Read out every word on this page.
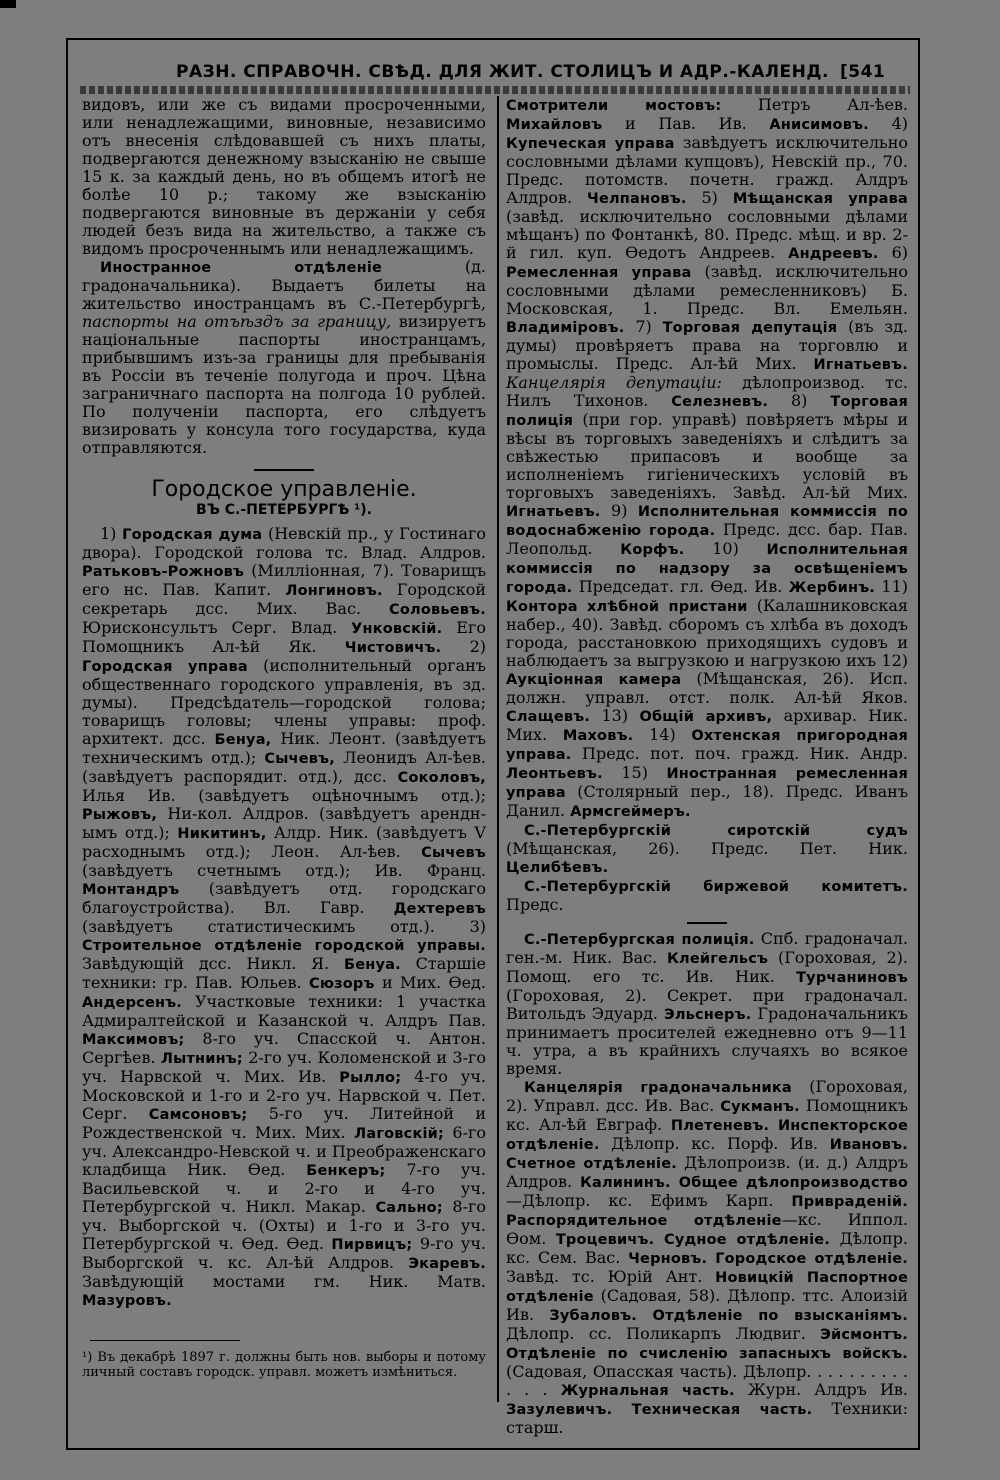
РАЗН. СПРАВОЧН. СВѢД. ДЛЯ ЖИТ. СТОЛИЦЪ И АДР.-КАЛЕНД. [541

видовъ, или же съ видами просроченными, или ненадлежащими, виновные, независимо отъ внесенія слѣдовавшей съ нихъ платы, подвергаются денежному взысканію не свыше 15 к. за каждый день, но въ общемъ итогѣ не болѣе 10 р.; такому же взысканію подвергаются виновные въ держаніи у себя людей безъ вида на жительство, а также съ видомъ просроченнымъ или ненадлежащимъ.

Иностранное отдѣленіе (д. градоначальника). Выдаетъ билеты на жительство иностранцамъ въ С.-Петербургѣ, паспорты на отъѣздъ за границу, визируетъ національные паспорты иностранцамъ, прибывшимъ изъ-за границы для пребыванія въ Россіи въ теченіе полугода и проч. Цѣна заграничнаго паспорта на полгода 10 рублей. По полученіи паспорта, его слѣдуетъ визировать у консула того государства, куда отправляются.

Городское управленіе.
ВЪ С.-ПЕТЕРБУРГѢ ¹).

1) Городская дума (Невскій пр., у Гостинаго двора). Городской голова тс. Влад. Алдров. Ратьковъ-Рожновъ (Милліонная, 7). Товарищъ его нс. Пав. Капит. Лонгиновъ. Городской секретарь дсс. Мих. Вас. Соловьевъ. Юрисконсультъ Серг. Влад. Унковскій. Его Помощникъ Ал-ѣй Як. Чистовичъ. 2) Городская управа (исполнительный органъ общественнаго городского управленія, въ зд. думы). Предсѣдатель—городской голова; товарищъ головы; члены управы: проф. архитект. дсс. Бенуа, Ник. Леонт. (завѣдуетъ техническимъ отд.); Сычевъ, Леонидъ Ал-ѣев. (завѣдуетъ распорядит. отд.), дсс. Соколовъ, Илья Ив. (завѣдуетъ оцѣночнымъ отд.); Рыжовъ, Ни-кол. Алдров. (завѣдуетъ аренднымъ отд.); Никитинъ, Алдр. Ник. (завѣдуетъ V расходнымъ отд.); Леон. Ал-ѣев. Сычевъ (завѣдуетъ счетнымъ отд.); Ив. Франц. Монтандръ (завѣдуетъ отд. городскаго благоустройства). Вл. Гавр. Дехтеревъ (завѣдуетъ статистическимъ отд.). 3) Строительное отдѣленіе городской управы. Завѣдующій дсс. Никл. Я. Бенуа. Старшіе техники: гр. Пав. Юльев. Сюзоръ и Мих. Ѳед. Андерсенъ. Участковые техники: 1 участка Адмиралтейской и Казанской ч. Алдръ Пав. Максимовъ; 8-го уч. Спасской ч. Антон. Сергѣев. Лытнинъ; 2-го уч. Коломенской и 3-го уч. Нарвской ч. Мих. Ив. Рылло; 4-го уч. Московской и 1-го и 2-го уч. Нарвской ч. Пет. Серг. Самсоновъ; 5-го уч. Литейной и Рождественской ч. Мих. Мих. Лаговскій; 6-го уч. Александро-Невской ч. и Преображенскаго кладбища Ник. Ѳед. Бенкеръ; 7-го уч. Васильевской ч. и 2-го и 4-го уч. Петербургской ч. Никл. Макар. Сально; 8-го уч. Выборгской ч. (Охты) и 1-го и 3-го уч. Петербургской ч. Ѳед. Ѳед. Пирвицъ; 9-го уч. Выборгской ч. кс. Ал-ѣй Алдров. Экаревъ. Завѣдующій мостами гм. Ник. Матв. Мазуровъ.

¹) Въ декабрѣ 1897 г. должны быть нов. выборы и потому личный составъ городск. управл. можетъ измѣниться.

Смотрители мостовъ: Петръ Ал-ѣев. Михайловъ и Пав. Ив. Анисимовъ. 4) Купеческая управа завѣдуетъ исключительно сословными дѣлами купцовъ), Невскій пр., 70. Предс. потомств. почетн. гражд. Алдръ Алдров. Челпановъ. 5) Мѣщанская управа (завѣд. исключительно сословными дѣлами мѣщанъ) по Фонтанкѣ, 80. Предс. мѣщ. и вр. 2-й гил. куп. Ѳедотъ Андреев. Андреевъ. 6) Ремесленная управа (завѣд. исключительно сословными дѣлами ремесленниковъ) Б. Московская, 1. Предс. Вл. Емельян. Владиміровъ. 7) Торговая депутація (въ зд. думы) провѣряетъ права на торговлю и промыслы. Предс. Ал-ѣй Мих. Игнатьевъ. Канцелярія депутаціи: дѣлопроизвод. тс. Нилъ Тихонов. Селезневъ. 8) Торговая полиція (при гор. управѣ) повѣряетъ мѣры и вѣсы въ торговыхъ заведеніяхъ и слѣдитъ за свѣжестью припасовъ и вообще за исполненіемъ гигіеническихъ условій въ торговыхъ заведеніяхъ. Завѣд. Ал-ѣй Мих. Игнатьевъ. 9) Исполнительная коммиссія по водоснабженію города. Предс. дсс. бар. Пав. Леопольд. Корфъ. 10) Исполнительная коммиссія по надзору за освѣщеніемъ города. Председат. гл. Ѳед. Ив. Жербинъ. 11) Контора хлѣбной пристани (Калашниковская набер., 40). Завѣд. сборомъ съ хлѣба въ доходъ города, расстановкою приходящихъ судовъ и наблюдаетъ за выгрузкою и нагрузкою ихъ 12) Аукціонная камера (Мѣщанская, 26). Исп. должн. управл. отст. полк. Ал-ѣй Яков. Слащевъ. 13) Общій архивъ, архивар. Ник. Мих. Маховъ. 14) Охтенская пригородная управа. Предс. пот. поч. гражд. Ник. Андр. Леонтьевъ. 15) Иностранная ремесленная управа (Столярный пер., 18). Предс. Иванъ Данил. Армсгеймеръ.

С.-Петербургскій сиротскій судъ (Мѣщанская, 26). Предс. Пет. Ник. Целибѣевъ.

С.-Петербургскій биржевой комитетъ. Предс.

С.-Петербургская полиція. Спб. градоначал. ген.-м. Ник. Вас. Клейгельсъ (Гороховая, 2). Помощ. его тс. Ив. Ник. Турчаниновъ (Гороховая, 2). Секрет. при градоначал. Витольдъ Эдуард. Эльснеръ. Градоначальникъ принимаетъ просителей ежедневно отъ 9—11 ч. утра, а въ крайнихъ случаяхъ во всякое время.

Канцелярія градоначальника (Гороховая, 2). Управл. дсс. Ив. Вас. Сукманъ. Помощникъ кс. Ал-ѣй Евграф. Плетеневъ. Инспекторское отдѣленіе. Дѣлопр. кс. Порф. Ив. Ивановъ. Счетное отдѣленіе. Дѣлопроизв. (и. д.) Алдръ Алдров. Калининъ. Общее дѣлопроизводство—Дѣлопр. кс. Ефимъ Карп. Привраденій. Распорядительное отдѣленіе—кс. Иппол. Ѳом. Троцевичъ. Судное отдѣленіе. Дѣлопр. кс. Сем. Вас. Черновъ. Городское отдѣленіе. Завѣд. тс. Юрій Ант. Новицкій Паспортное отдѣленіе (Садовая, 58). Дѣлопр. ттс. Алоизій Ив. Зубаловъ. Отдѣленіе по взысканіямъ. Дѣлопр. сс. Поликарпъ Людвиг. Эйсмонтъ. Отдѣленіе по счисленію запасныхъ войскъ. (Садовая, Опасская часть). Дѣлопр. . . . . . . . . . . . . Журнальная часть. Журн. Алдръ Ив. Зазулевичъ. Техническая часть. Техники: старш.
